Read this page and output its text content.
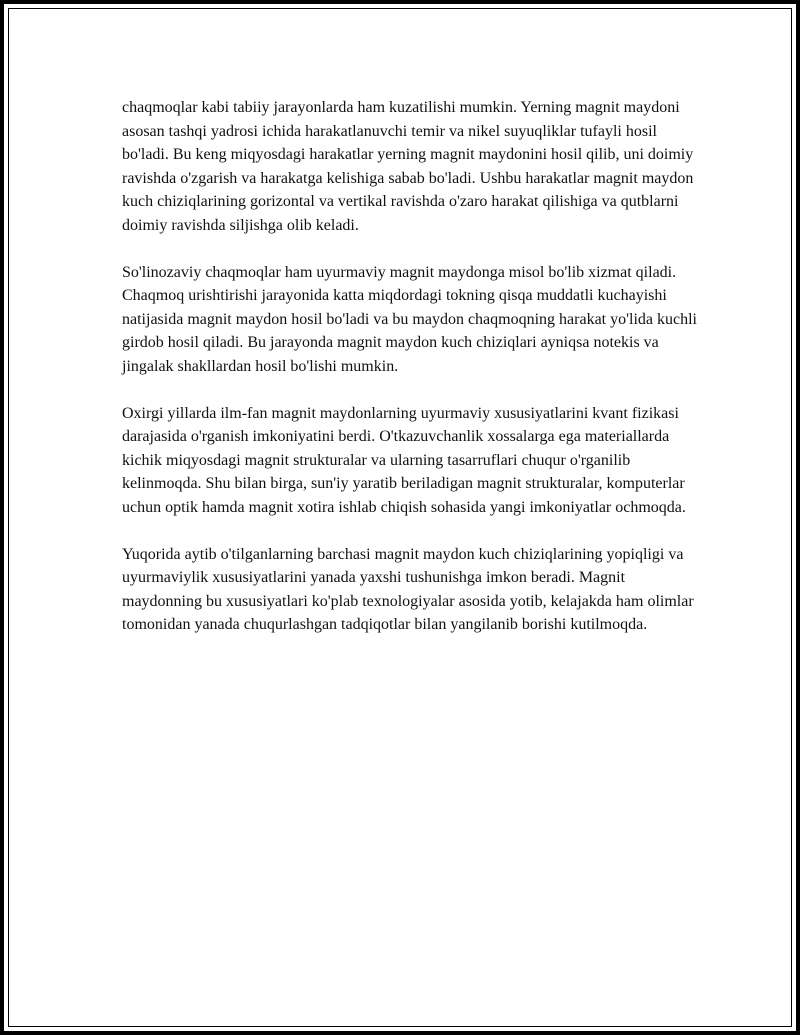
chaqmoqlar kabi tabiiy jarayonlarda ham kuzatilishi mumkin. Yerning magnit maydoni asosan tashqi yadrosi ichida harakatlanuvchi temir va nikel suyuqliklar tufayli hosil bo'ladi. Bu keng miqyosdagi harakatlar yerning magnit maydonini hosil qilib, uni doimiy ravishda o'zgarish va harakatga kelishiga sabab bo'ladi. Ushbu harakatlar magnit maydon kuch chiziqlarining gorizontal va vertikal ravishda o'zaro harakat qilishiga va qutblarni doimiy ravishda siljishga olib keladi.

So'linozaviy chaqmoqlar ham uyurmaviy magnit maydonga misol bo'lib xizmat qiladi. Chaqmoq urishtirishi jarayonida katta miqdordagi tokning qisqa muddatli kuchayishi natijasida magnit maydon hosil bo'ladi va bu maydon chaqmoqning harakat yo'lida kuchli girdob hosil qiladi. Bu jarayonda magnit maydon kuch chiziqlari ayniqsa notekis va jingalak shakllardan hosil bo'lishi mumkin.

Oxirgi yillarda ilm-fan magnit maydonlarning uyurmaviy xususiyatlarini kvant fizikasi darajasida o'rganish imkoniyatini berdi. O'tkazuvchanlik xossalarga ega materiallarda kichik miqyosdagi magnit strukturalar va ularning tasarruflari chuqur o'rganilib kelinmoqda. Shu bilan birga, sun'iy yaratib beriladigan magnit strukturalar, komputerlar uchun optik hamda magnit xotira ishlab chiqish sohasida yangi imkoniyatlar ochmoqda.

Yuqorida aytib o'tilganlarning barchasi magnit maydon kuch chiziqlarining yopiqligi va uyurmaviylik xususiyatlarini yanada yaxshi tushunishga imkon beradi. Magnit maydonning bu xususiyatlari ko'plab texnologiyalar asosida yotib, kelajakda ham olimlar tomonidan yanada chuqurlashgan tadqiqotlar bilan yangilanib borishi kutilmoqda.
